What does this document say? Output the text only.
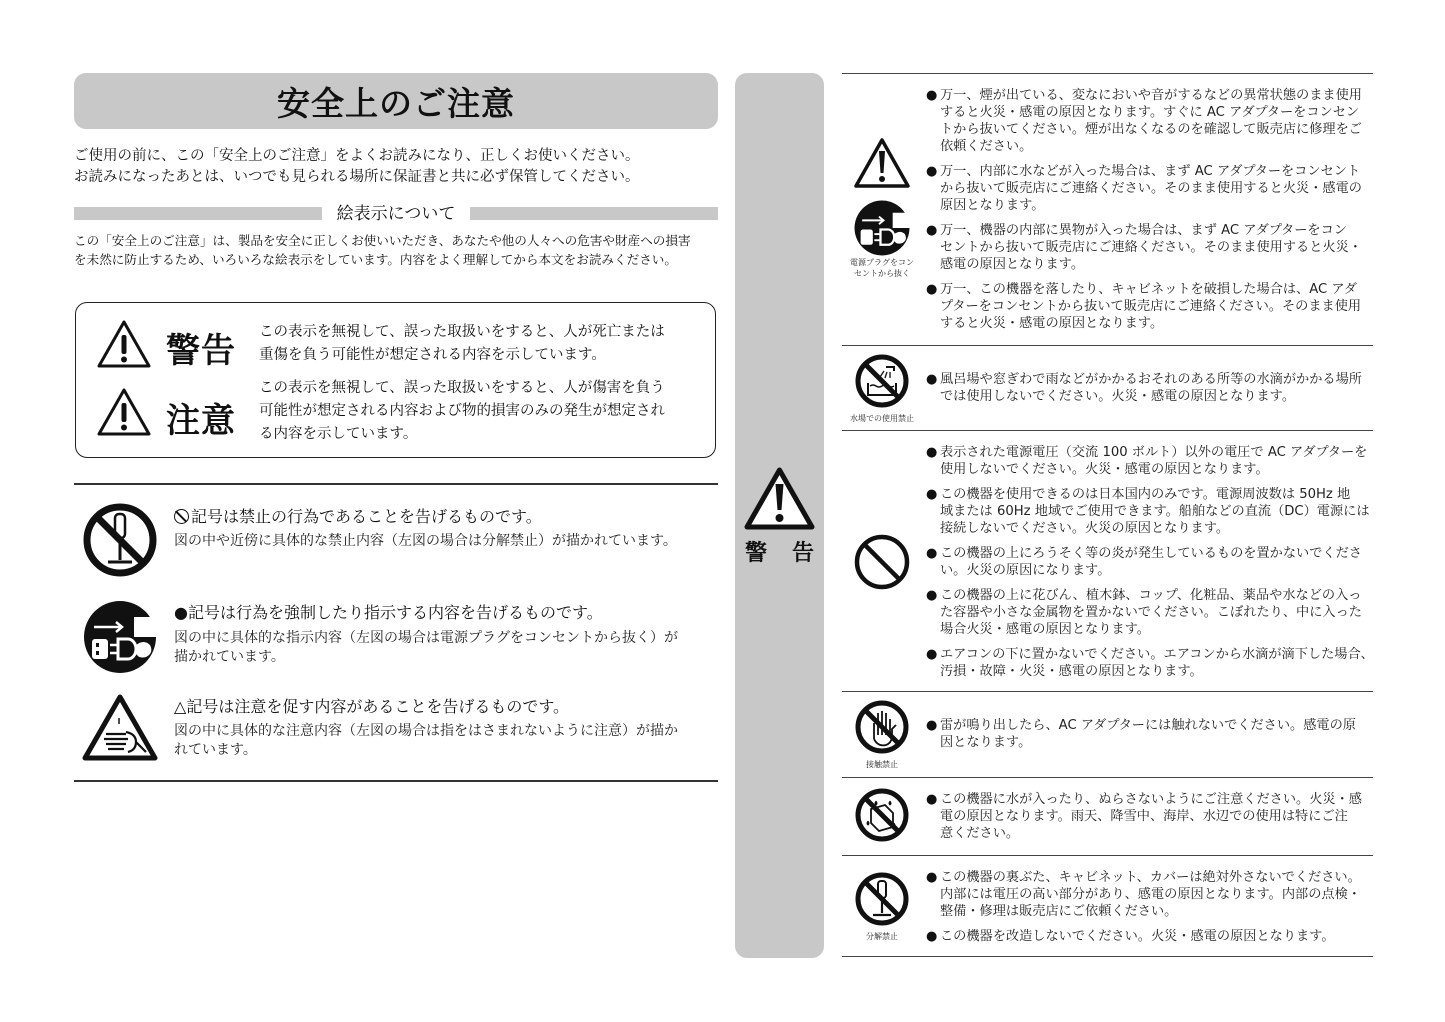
安全上のご注意
ご使用の前に、この「安全上のご注意」をよくお読みになり、正しくお使いください。
お読みになったあとは、いつでも見られる場所に保証書と共に必ず保管してください。
絵表示について
この「安全上のご注意」は、製品を安全に正しくお使いいただき、あなたや他の人々への危害や財産への損害
を未然に防止するため、いろいろな絵表示をしています。内容をよく理解してから本文をお読みください。
警告 この表示を無視して、誤った取扱いをすると、人が死亡または
重傷を負う可能性が想定される内容を示しています。
注意
この表示を無視して、誤った取扱いをすると、人が傷害を負う
可能性が想定される内容および物的損害のみの発生が想定され
る内容を示しています。
記号は禁止の行為であることを告げるものです。
図の中や近傍に具体的な禁止内容（左図の場合は分解禁止）が描かれています。
●記号は行為を強制したり指示する内容を告げるものです。
図の中に具体的な指示内容（左図の場合は電源プラグをコンセントから抜く）が
描かれています。
△記号は注意を促す内容があることを告げるものです。
図の中に具体的な注意内容（左図の場合は指をはさまれないように注意）が描か
れています。
警 告
電源プラグをコン
セントから抜く
● 万一、煙が出ている、変なにおいや音がするなどの異常状態のまま使用
すると火災・感電の原因となります。すぐに AC アダプターをコンセン
トから抜いてください。煙が出なくなるのを確認して販売店に修理をご
依頼ください。
● 万一、内部に水などが入った場合は、まず AC アダプターをコンセント
から抜いて販売店にご連絡ください。そのまま使用すると火災・感電の
原因となります。
● 万一、機器の内部に異物が入った場合は、まず AC アダプターをコン
セントから抜いて販売店にご連絡ください。そのまま使用すると火災・
感電の原因となります。
● 万一、この機器を落したり、キャビネットを破損した場合は、AC アダ
プターをコンセントから抜いて販売店にご連絡ください。そのまま使用
すると火災・感電の原因となります。
水場での使用禁止
● 風呂場や窓ぎわで雨などがかかるおそれのある所等の水滴がかかる場所
では使用しないでください。火災・感電の原因となります。
● 表示された電源電圧（交流 100 ボルト）以外の電圧で AC アダプターを
使用しないでください。火災・感電の原因となります。
● この機器を使用できるのは日本国内のみです。電源周波数は 50Hz 地
域または 60Hz 地域でご使用できます。船舶などの直流（DC）電源には
接続しないでください。火災の原因となります。
● この機器の上にろうそく等の炎が発生しているものを置かないでくださ
い。火災の原因になります。
● この機器の上に花びん、植木鉢、コップ、化粧品、薬品や水などの入っ
た容器や小さな金属物を置かないでください。こぼれたり、中に入った
場合火災・感電の原因となります。
● エアコンの下に置かないでください。エアコンから水滴が滴下した場合、
汚損・故障・火災・感電の原因となります。
接触禁止
● 雷が鳴り出したら、AC アダプターには触れないでください。感電の原
因となります。
● この機器に水が入ったり、ぬらさないようにご注意ください。火災・感
電の原因となります。雨天、降雪中、海岸、水辺での使用は特にご注
意ください。
分解禁止
● この機器の裏ぶた、キャビネット、カバーは絶対外さないでください。
内部には電圧の高い部分があり、感電の原因となります。内部の点検・
整備・修理は販売店にご依頼ください。
● この機器を改造しないでください。火災・感電の原因となります。
